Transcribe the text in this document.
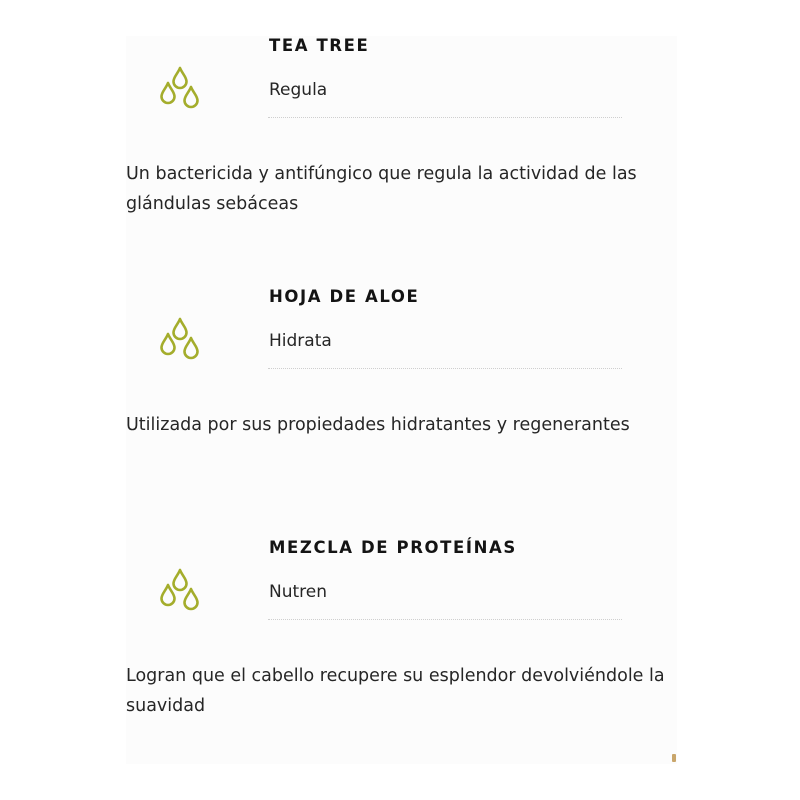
TEA TREE
Regula
Un bactericida y antifúngico que regula la actividad de las glándulas sebáceas
HOJA DE ALOE
Hidrata
Utilizada por sus propiedades hidratantes y regenerantes
MEZCLA DE PROTEÍNAS
Nutren
Logran que el cabello recupere su esplendor devolviéndole la suavidad
